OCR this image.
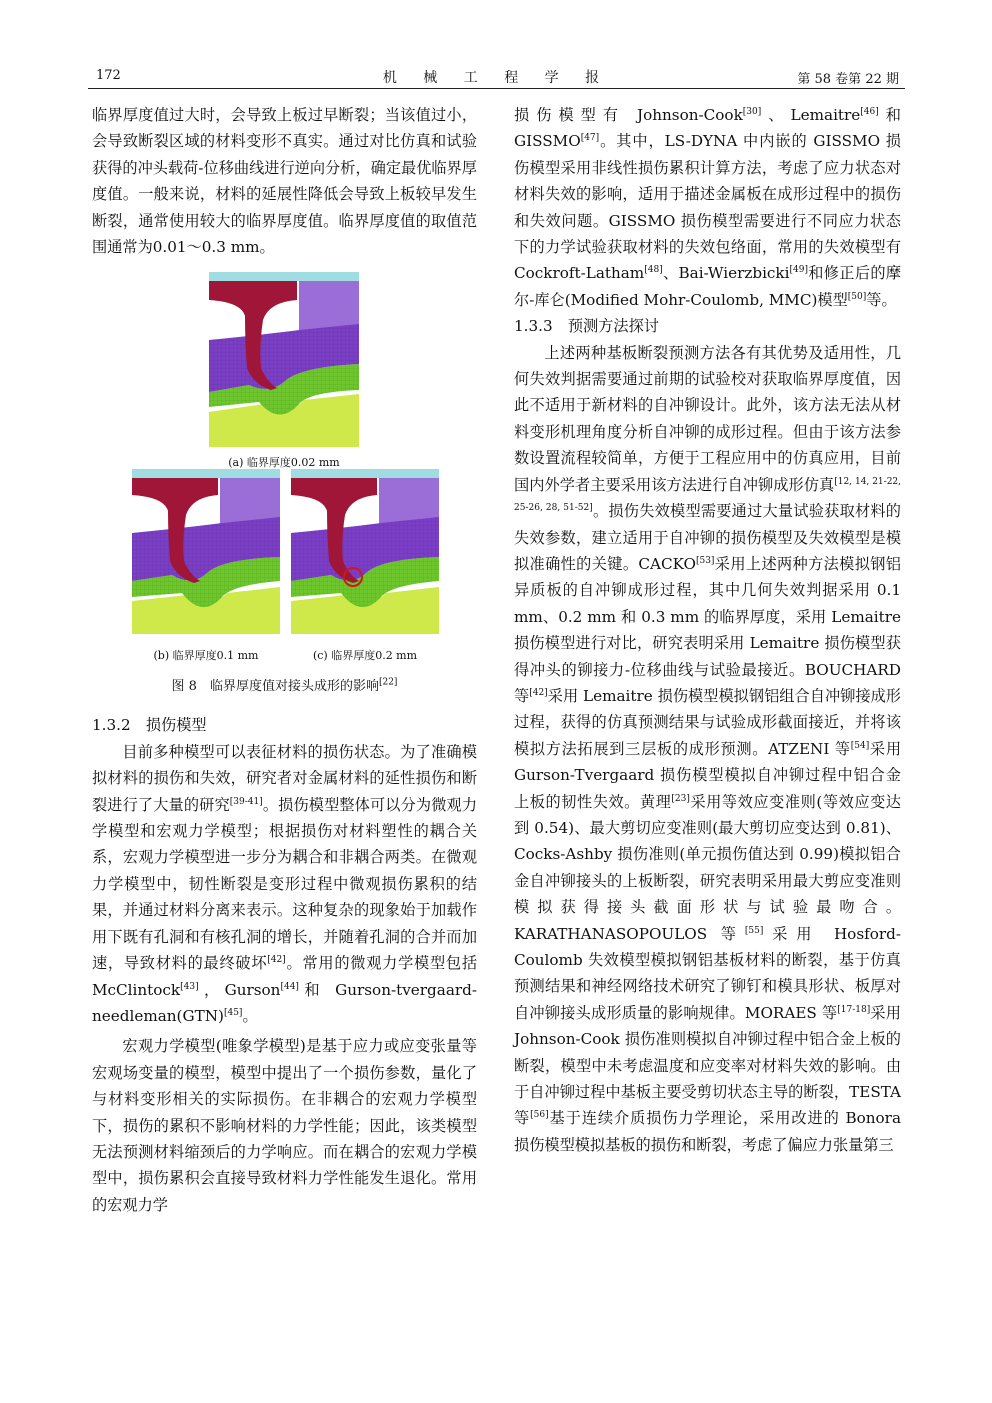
172	机 械 工 程 学 报	第 58 卷第 22 期

临界厚度值过大时，会导致上板过早断裂；当该值过小，会导致断裂区域的材料变形不真实。通过对比仿真和试验获得的冲头载荷-位移曲线进行逆向分析，确定最优临界厚度值。一般来说，材料的延展性降低会导致上板较早发生断裂，通常使用较大的临界厚度值。临界厚度值的取值范围通常为0.01～0.3 mm。

(a) 临界厚度0.02 mm
(b) 临界厚度0.1 mm	(c) 临界厚度0.2 mm
图 8　临界厚度值对接头成形的影响[22]

1.3.2　损伤模型

目前多种模型可以表征材料的损伤状态。为了准确模拟材料的损伤和失效，研究者对金属材料的延性损伤和断裂进行了大量的研究[39-41]。损伤模型整体可以分为微观力学模型和宏观力学模型；根据损伤对材料塑性的耦合关系，宏观力学模型进一步分为耦合和非耦合两类。在微观力学模型中，韧性断裂是变形过程中微观损伤累积的结果，并通过材料分离来表示。这种复杂的现象始于加载作用下既有孔洞和有核孔洞的增长，并随着孔洞的合并而加速，导致材料的最终破坏[42]。常用的微观力学模型包括 McClintock[43]，Gurson[44]和 Gurson-tvergaard-needleman(GTN)[45]。

宏观力学模型(唯象学模型)是基于应力或应变张量等宏观场变量的模型，模型中提出了一个损伤参数，量化了与材料变形相关的实际损伤。在非耦合的宏观力学模型下，损伤的累积不影响材料的力学性能；因此，该类模型无法预测材料缩颈后的力学响应。而在耦合的宏观力学模型中，损伤累积会直接导致材料力学性能发生退化。常用的宏观力学

损伤模型有 Johnson-Cook[30]、Lemaitre[46]和 GISSMO[47]。其中，LS-DYNA 中内嵌的 GISSMO 损伤模型采用非线性损伤累积计算方法，考虑了应力状态对材料失效的影响，适用于描述金属板在成形过程中的损伤和失效问题。GISSMO 损伤模型需要进行不同应力状态下的力学试验获取材料的失效包络面，常用的失效模型有 Cockroft-Latham[48]、Bai-Wierzbicki[49]和修正后的摩尔-库仑(Modified Mohr-Coulomb, MMC)模型[50]等。

1.3.3　预测方法探讨

上述两种基板断裂预测方法各有其优势及适用性，几何失效判据需要通过前期的试验校对获取临界厚度值，因此不适用于新材料的自冲铆设计。此外，该方法无法从材料变形机理角度分析自冲铆的成形过程。但由于该方法参数设置流程较简单，方便于工程应用中的仿真应用，目前国内外学者主要采用该方法进行自冲铆成形仿真[12, 14, 21-22, 25-26, 28, 51-52]。损伤失效模型需要通过大量试验获取材料的失效参数，建立适用于自冲铆的损伤模型及失效模型是模拟准确性的关键。CACKO[53]采用上述两种方法模拟钢铝异质板的自冲铆成形过程，其中几何失效判据采用 0.1 mm、0.2 mm 和 0.3 mm 的临界厚度，采用 Lemaitre 损伤模型进行对比，研究表明采用 Lemaitre 损伤模型获得冲头的铆接力-位移曲线与试验最接近。BOUCHARD 等[42]采用 Lemaitre 损伤模型模拟钢铝组合自冲铆接成形过程，获得的仿真预测结果与试验成形截面接近，并将该模拟方法拓展到三层板的成形预测。ATZENI 等[54]采用 Gurson-Tvergaard 损伤模型模拟自冲铆过程中铝合金上板的韧性失效。黄理[23]采用等效应变准则(等效应变达到 0.54)、最大剪切应变准则(最大剪切应变达到 0.81)、Cocks-Ashby 损伤准则(单元损伤值达到 0.99)模拟铝合金自冲铆接头的上板断裂，研究表明采用最大剪应变准则模拟获得接头截面形状与试验最吻合。KARATHANASOPOULOS 等[55]采用 Hosford-Coulomb 失效模型模拟钢铝基板材料的断裂，基于仿真预测结果和神经网络技术研究了铆钉和模具形状、板厚对自冲铆接头成形质量的影响规律。MORAES 等[17-18]采用 Johnson-Cook 损伤准则模拟自冲铆过程中铝合金上板的断裂，模型中未考虑温度和应变率对材料失效的影响。由于自冲铆过程中基板主要受剪切状态主导的断裂，TESTA 等[56]基于连续介质损伤力学理论，采用改进的 Bonora 损伤模型模拟基板的损伤和断裂，考虑了偏应力张量第三
